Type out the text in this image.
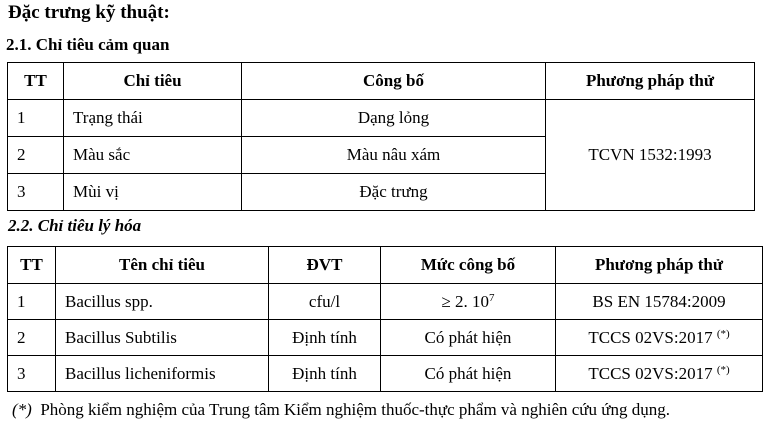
Đặc trưng kỹ thuật:
2.1. Chỉ tiêu cảm quan
TT	Chỉ tiêu	Công bố	Phương pháp thử
1	Trạng thái	Dạng lỏng	TCVN 1532:1993
2	Màu sắc	Màu nâu xám	
3	Mùi vị	Đặc trưng	
2.2. Chỉ tiêu lý hóa
TT	Tên chỉ tiêu	ĐVT	Mức công bố	Phương pháp thử
1	Bacillus spp.	cfu/l	≥ 2. $10^7$	BS EN 15784:2009
2	Bacillus Subtilis	Định tính	Có phát hiện	TCCS 02VS:2017 (*)
3	Bacillus licheniformis	Định tính	Có phát hiện	TCCS 02VS:2017 (*)
(*) Phòng kiểm nghiệm của Trung tâm Kiểm nghiệm thuốc-thực phẩm và nghiên cứu ứng dụng.
